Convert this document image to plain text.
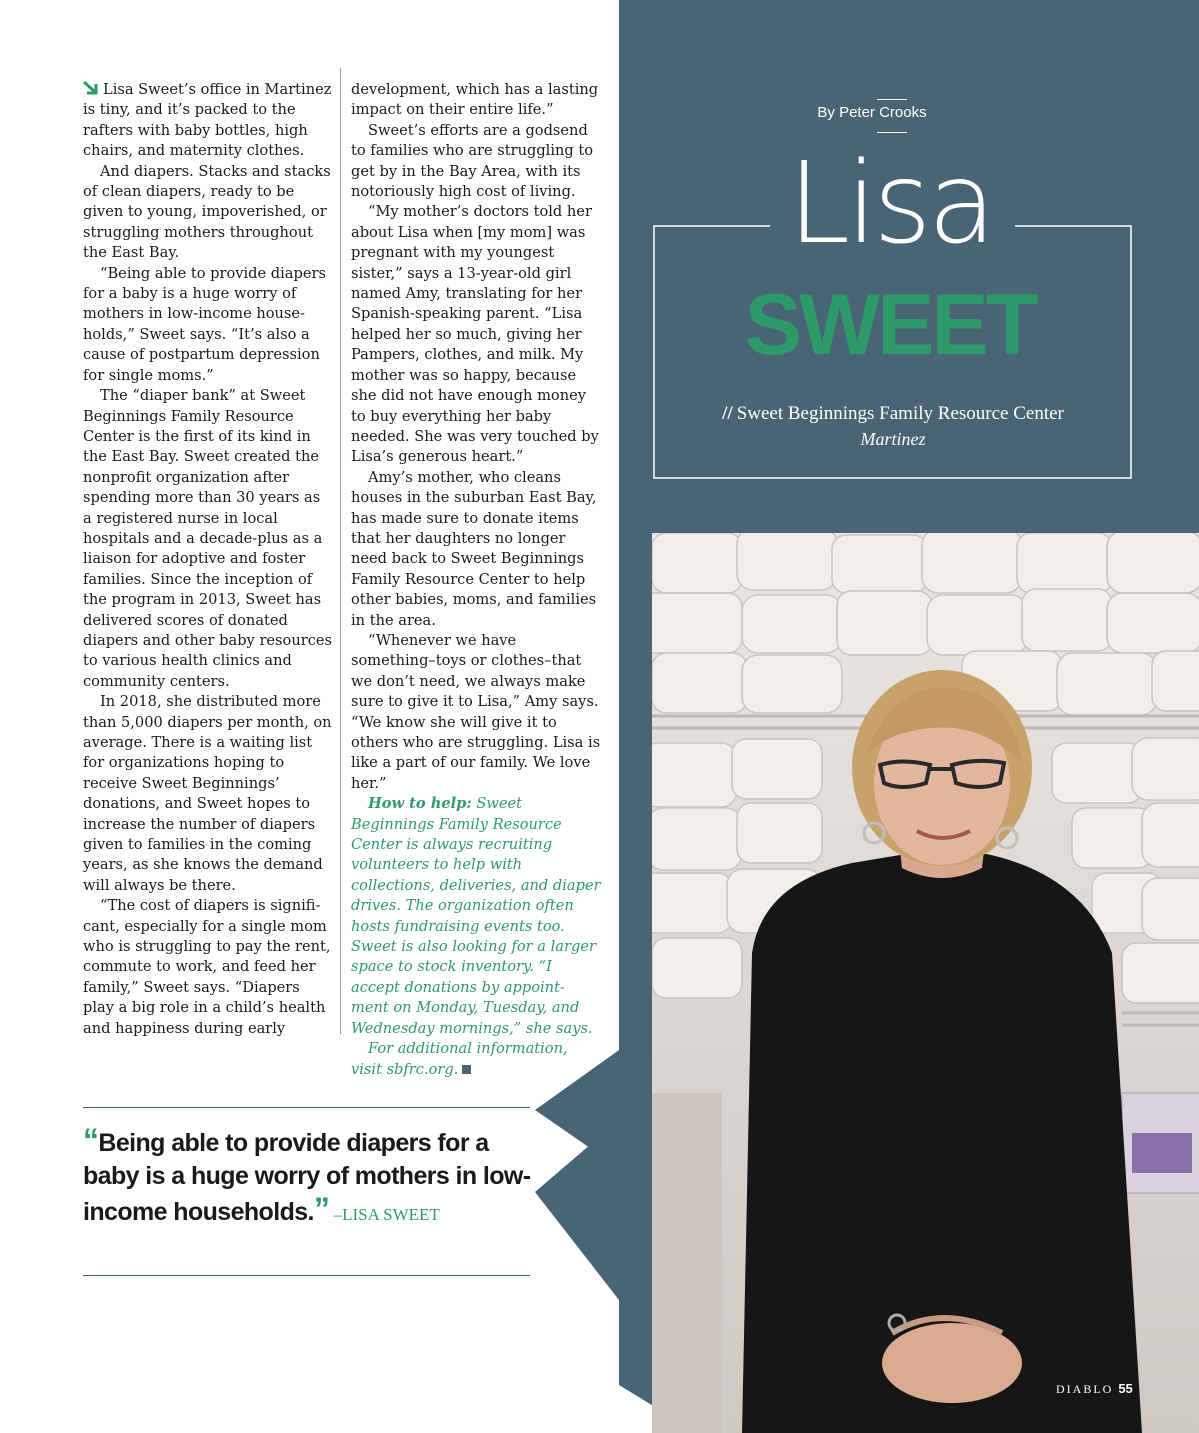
By Peter Crooks
Lisa
SWEET
// Sweet Beginnings Family Resource Center
Martinez

Lisa Sweet’s office in Martinez is tiny, and it’s packed to the rafters with baby bottles, high chairs, and maternity clothes.

And diapers. Stacks and stacks of clean diapers, ready to be given to young, impoverished, or struggling mothers throughout the East Bay.

“Being able to provide diapers for a baby is a huge worry of mothers in low-income house-holds,” Sweet says. “It’s also a cause of postpartum depression for single moms.”

The “diaper bank” at Sweet Beginnings Family Resource Center is the first of its kind in the East Bay. Sweet created the nonprofit organization after spending more than 30 years as a registered nurse in local hospitals and a decade-plus as a liaison for adoptive and foster families. Since the inception of the program in 2013, Sweet has delivered scores of donated diapers and other baby resources to various health clinics and community centers.

In 2018, she distributed more than 5,000 diapers per month, on average. There is a waiting list for organizations hoping to receive Sweet Beginnings’ donations, and Sweet hopes to increase the number of diapers given to families in the coming years, as she knows the demand will always be there.

“The cost of diapers is signifi-cant, especially for a single mom who is struggling to pay the rent, commute to work, and feed her family,” Sweet says. “Diapers play a big role in a child’s health and happiness during early

development, which has a lasting impact on their entire life.”

Sweet’s efforts are a godsend to families who are struggling to get by in the Bay Area, with its notoriously high cost of living.

“My mother’s doctors told her about Lisa when [my mom] was pregnant with my youngest sister,” says a 13-year-old girl named Amy, translating for her Spanish-speaking parent. “Lisa helped her so much, giving her Pampers, clothes, and milk. My mother was so happy, because she did not have enough money to buy everything her baby needed. She was very touched by Lisa’s generous heart.”

Amy’s mother, who cleans houses in the suburban East Bay, has made sure to donate items that her daughters no longer need back to Sweet Beginnings Family Resource Center to help other babies, moms, and families in the area.

“Whenever we have something–toys or clothes–that we don’t need, we always make sure to give it to Lisa,” Amy says. “We know she will give it to others who are struggling. Lisa is like a part of our family. We love her.”

How to help: Sweet Beginnings Family Resource Center is always recruiting volunteers to help with collections, deliveries, and diaper drives. The organization often hosts fundraising events too. Sweet is also looking for a larger space to stock inventory. “I accept donations by appoint-ment on Monday, Tuesday, and Wednesday mornings,” she says.

For additional information, visit sbfrc.org.

“Being able to provide diapers for a baby is a huge worry of mothers in low-income households.” –LISA SWEET
DIABLO 55
